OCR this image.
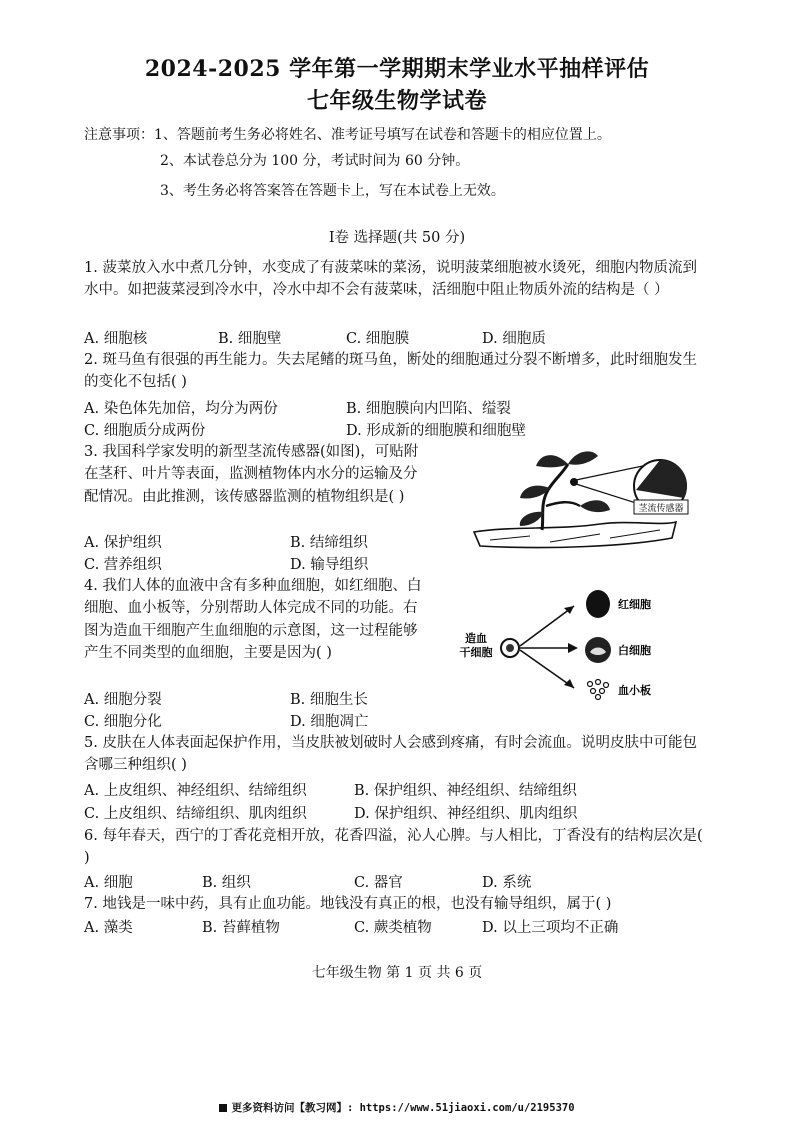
2024-2025 学年第一学期期末学业水平抽样评估
七年级生物学试卷
注意事项：1、答题前考生务必将姓名、准考证号填写在试卷和答题卡的相应位置上。
2、本试卷总分为 100 分，考试时间为 60 分钟。
3、考生务必将答案答在答题卡上，写在本试卷上无效。
Ⅰ卷 选择题(共 50 分)

1. 菠菜放入水中煮几分钟，水变成了有菠菜味的菜汤，说明菠菜细胞被水烫死，细胞内物质流到水中。如把菠菜浸到冷水中，冷水中却不会有菠菜味，活细胞中阻止物质外流的结构是（ ）

A. 细胞核	B. 细胞壁	C. 细胞膜	D. 细胞质

2. 斑马鱼有很强的再生能力。失去尾鳍的斑马鱼，断处的细胞通过分裂不断增多，此时细胞发生的变化不包括( )

A. 染色体先加倍，均分为两份	B. 细胞膜向内凹陷、缢裂
C. 细胞质分成两份	D. 形成新的细胞膜和细胞壁

3. 我国科学家发明的新型茎流传感器(如图)，可贴附在茎秆、叶片等表面，监测植物体内水分的运输及分配情况。由此推测，该传感器监测的植物组织是( )

A. 保护组织	B. 结缔组织
C. 营养组织	D. 输导组织
茎流传感器

4. 我们人体的血液中含有多种血细胞，如红细胞、白细胞、血小板等，分别帮助人体完成不同的功能。右图为造血干细胞产生血细胞的示意图，这一过程能够产生不同类型的血细胞，主要是因为( )

A. 细胞分裂	B. 细胞生长
C. 细胞分化	D. 细胞凋亡
造血
干细胞
红细胞
白细胞
血小板

5. 皮肤在人体表面起保护作用，当皮肤被划破时人会感到疼痛，有时会流血。说明皮肤中可能包含哪三种组织( )

A. 上皮组织、神经组织、结缔组织	B. 保护组织、神经组织、结缔组织
C. 上皮组织、结缔组织、肌肉组织	D. 保护组织、神经组织、肌肉组织

6. 每年春天，西宁的丁香花竞相开放，花香四溢，沁人心脾。与人相比，丁香没有的结构层次是( )

A. 细胞	B. 组织	C. 器官	D. 系统

7. 地钱是一味中药，具有止血功能。地钱没有真正的根，也没有输导组织，属于( )

A. 藻类	B. 苔藓植物	C. 蕨类植物	D. 以上三项均不正确
七年级生物 第 1 页 共 6 页
更多资料访问【教习网】: https://www.51jiaoxi.com/u/2195370
